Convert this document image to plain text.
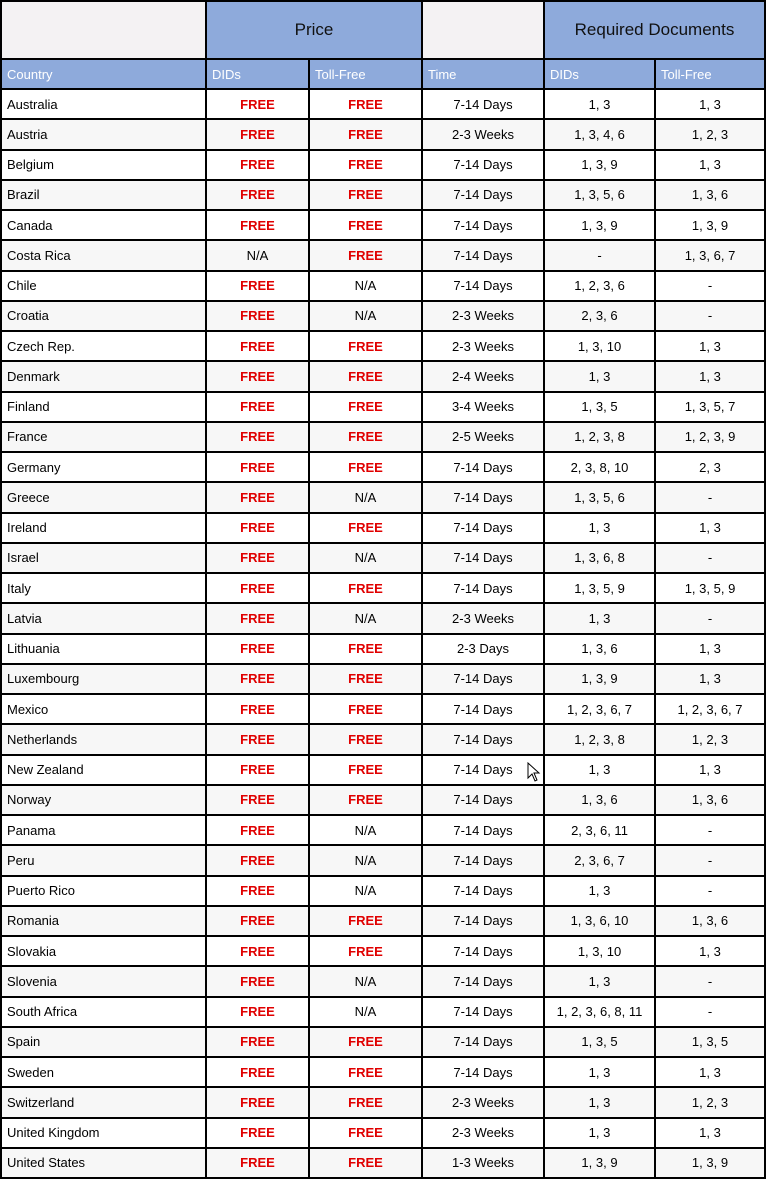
Price	Required Documents
Country	DIDs	Toll-Free	Time	DIDs	Toll-Free
Australia	FREE	FREE	7-14 Days	1, 3	1, 3
Austria	FREE	FREE	2-3 Weeks	1, 3, 4, 6	1, 2, 3
Belgium	FREE	FREE	7-14 Days	1, 3, 9	1, 3
Brazil	FREE	FREE	7-14 Days	1, 3, 5, 6	1, 3, 6
Canada	FREE	FREE	7-14 Days	1, 3, 9	1, 3, 9
Costa Rica	N/A	FREE	7-14 Days	-	1, 3, 6, 7
Chile	FREE	N/A	7-14 Days	1, 2, 3, 6	-
Croatia	FREE	N/A	2-3 Weeks	2, 3, 6	-
Czech Rep.	FREE	FREE	2-3 Weeks	1, 3, 10	1, 3
Denmark	FREE	FREE	2-4 Weeks	1, 3	1, 3
Finland	FREE	FREE	3-4 Weeks	1, 3, 5	1, 3, 5, 7
France	FREE	FREE	2-5 Weeks	1, 2, 3, 8	1, 2, 3, 9
Germany	FREE	FREE	7-14 Days	2, 3, 8, 10	2, 3
Greece	FREE	N/A	7-14 Days	1, 3, 5, 6	-
Ireland	FREE	FREE	7-14 Days	1, 3	1, 3
Israel	FREE	N/A	7-14 Days	1, 3, 6, 8	-
Italy	FREE	FREE	7-14 Days	1, 3, 5, 9	1, 3, 5, 9
Latvia	FREE	N/A	2-3 Weeks	1, 3	-
Lithuania	FREE	FREE	2-3 Days	1, 3, 6	1, 3
Luxembourg	FREE	FREE	7-14 Days	1, 3, 9	1, 3
Mexico	FREE	FREE	7-14 Days	1, 2, 3, 6, 7	1, 2, 3, 6, 7
Netherlands	FREE	FREE	7-14 Days	1, 2, 3, 8	1, 2, 3
New Zealand	FREE	FREE	7-14 Days	1, 3	1, 3
Norway	FREE	FREE	7-14 Days	1, 3, 6	1, 3, 6
Panama	FREE	N/A	7-14 Days	2, 3, 6, 11	-
Peru	FREE	N/A	7-14 Days	2, 3, 6, 7	-
Puerto Rico	FREE	N/A	7-14 Days	1, 3	-
Romania	FREE	FREE	7-14 Days	1, 3, 6, 10	1, 3, 6
Slovakia	FREE	FREE	7-14 Days	1, 3, 10	1, 3
Slovenia	FREE	N/A	7-14 Days	1, 3	-
South Africa	FREE	N/A	7-14 Days	1, 2, 3, 6, 8, 11	-
Spain	FREE	FREE	7-14 Days	1, 3, 5	1, 3, 5
Sweden	FREE	FREE	7-14 Days	1, 3	1, 3
Switzerland	FREE	FREE	2-3 Weeks	1, 3	1, 2, 3
United Kingdom	FREE	FREE	2-3 Weeks	1, 3	1, 3
United States	FREE	FREE	1-3 Weeks	1, 3, 9	1, 3, 9
